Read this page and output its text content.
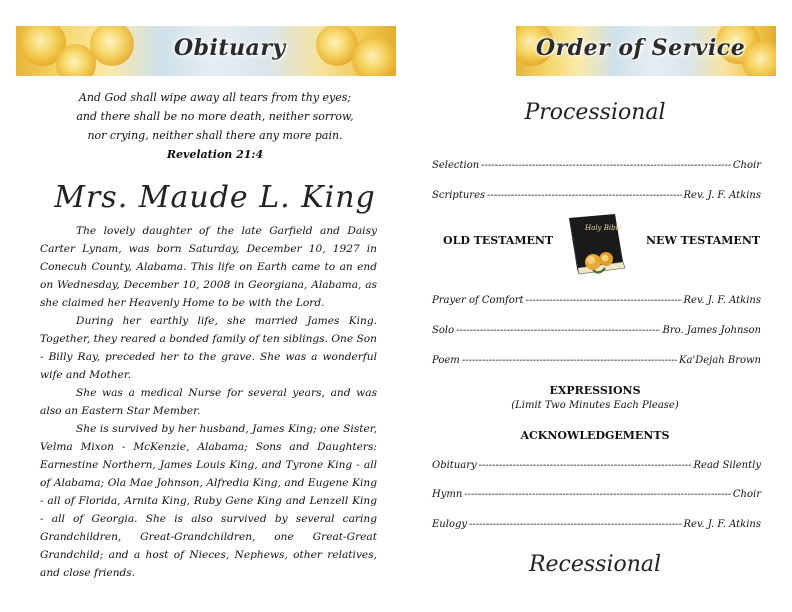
Obituary
And God shall wipe away all tears from thy eyes;
and there shall be no more death, neither sorrow,
nor crying, neither shall there any more pain.
Revelation 21:4
Mrs. Maude L. King

The lovely daughter of the late Garfield and Daisy Carter Lynam, was born Saturday, December 10, 1927 in Conecuh County, Alabama. This life on Earth came to an end on Wednesday, December 10, 2008 in Georgiana, Alabama, as she claimed her Heavenly Home to be with the Lord.

During her earthly life, she married James King. Together, they reared a bonded family of ten siblings. One Son - Billy Ray, preceded her to the grave. She was a wonderful wife and Mother.

She was a medical Nurse for several years, and was also an Eastern Star Member.

She is survived by her husband, James King; one Sister, Velma Mixon - McKenzie, Alabama; Sons and Daughters: Earnestine Northern, James Louis King, and Tyrone King - all of Alabama; Ola Mae Johnson, Alfredia King, and Eugene King - all of Florida, Arnita King, Ruby Gene King and Lenzell King - all of Georgia. She is also survived by several caring Grandchildren, Great-Grandchildren, one Great-Great Grandchild; and a host of Nieces, Nephews, other relatives, and close friends.

Order of Service
Processional
Selection -----	Choir
Scriptures -----	Rev. J. F. Atkins
OLD TESTAMENT
Holy Bible
NEW TESTAMENT
Prayer of Comfort -----	Rev. J. F. Atkins
Solo -----	Bro. James Johnson
Poem -----	Ka'Dejah Brown
EXPRESSIONS
(Limit Two Minutes Each Please)
ACKNOWLEDGEMENTS
Obituary -----	Read Silently
Hymn -----	Choir
Eulogy -----	Rev. J. F. Atkins
Recessional
